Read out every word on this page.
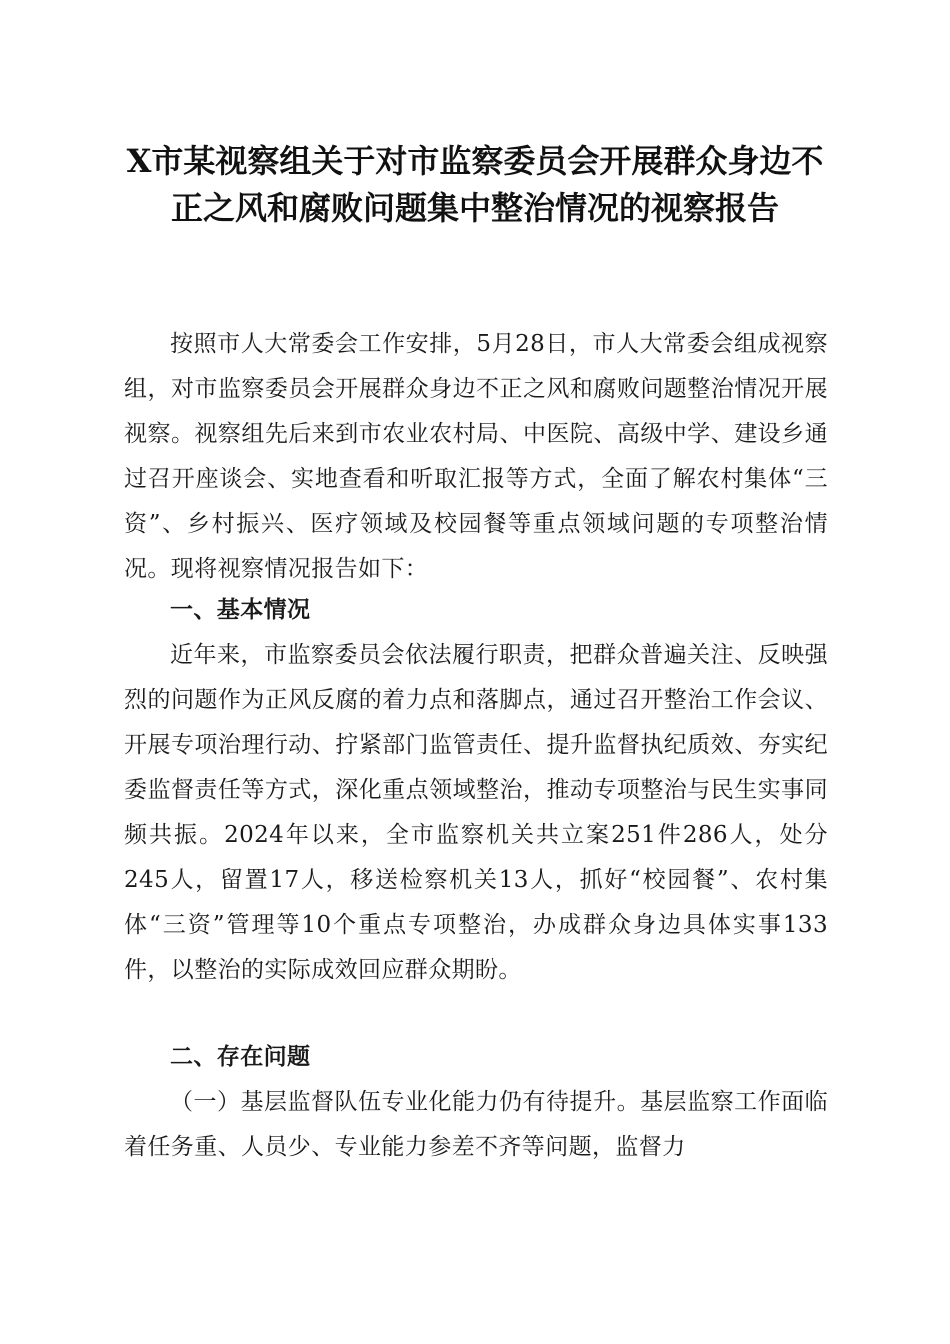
X市某视察组关于对市监察委员会开展群众身边不正之风和腐败问题集中整治情况的视察报告

按照市人大常委会工作安排，5月28日，市人大常委会组成视察组，对市监察委员会开展群众身边不正之风和腐败问题整治情况开展视察。视察组先后来到市农业农村局、中医院、高级中学、建设乡通过召开座谈会、实地查看和听取汇报等方式，全面了解农村集体“三资”、乡村振兴、医疗领域及校园餐等重点领域问题的专项整治情况。现将视察情况报告如下：

一、基本情况

近年来，市监察委员会依法履行职责，把群众普遍关注、反映强烈的问题作为正风反腐的着力点和落脚点，通过召开整治工作会议、开展专项治理行动、拧紧部门监管责任、提升监督执纪质效、夯实纪委监督责任等方式，深化重点领域整治，推动专项整治与民生实事同频共振。2024年以来，全市监察机关共立案251件286人，处分245人，留置17人，移送检察机关13人，抓好“校园餐”、农村集体“三资”管理等10个重点专项整治，办成群众身边具体实事133件，以整治的实际成效回应群众期盼。

二、存在问题

（一）基层监督队伍专业化能力仍有待提升。基层监察工作面临着任务重、人员少、专业能力参差不齐等问题，监督力
